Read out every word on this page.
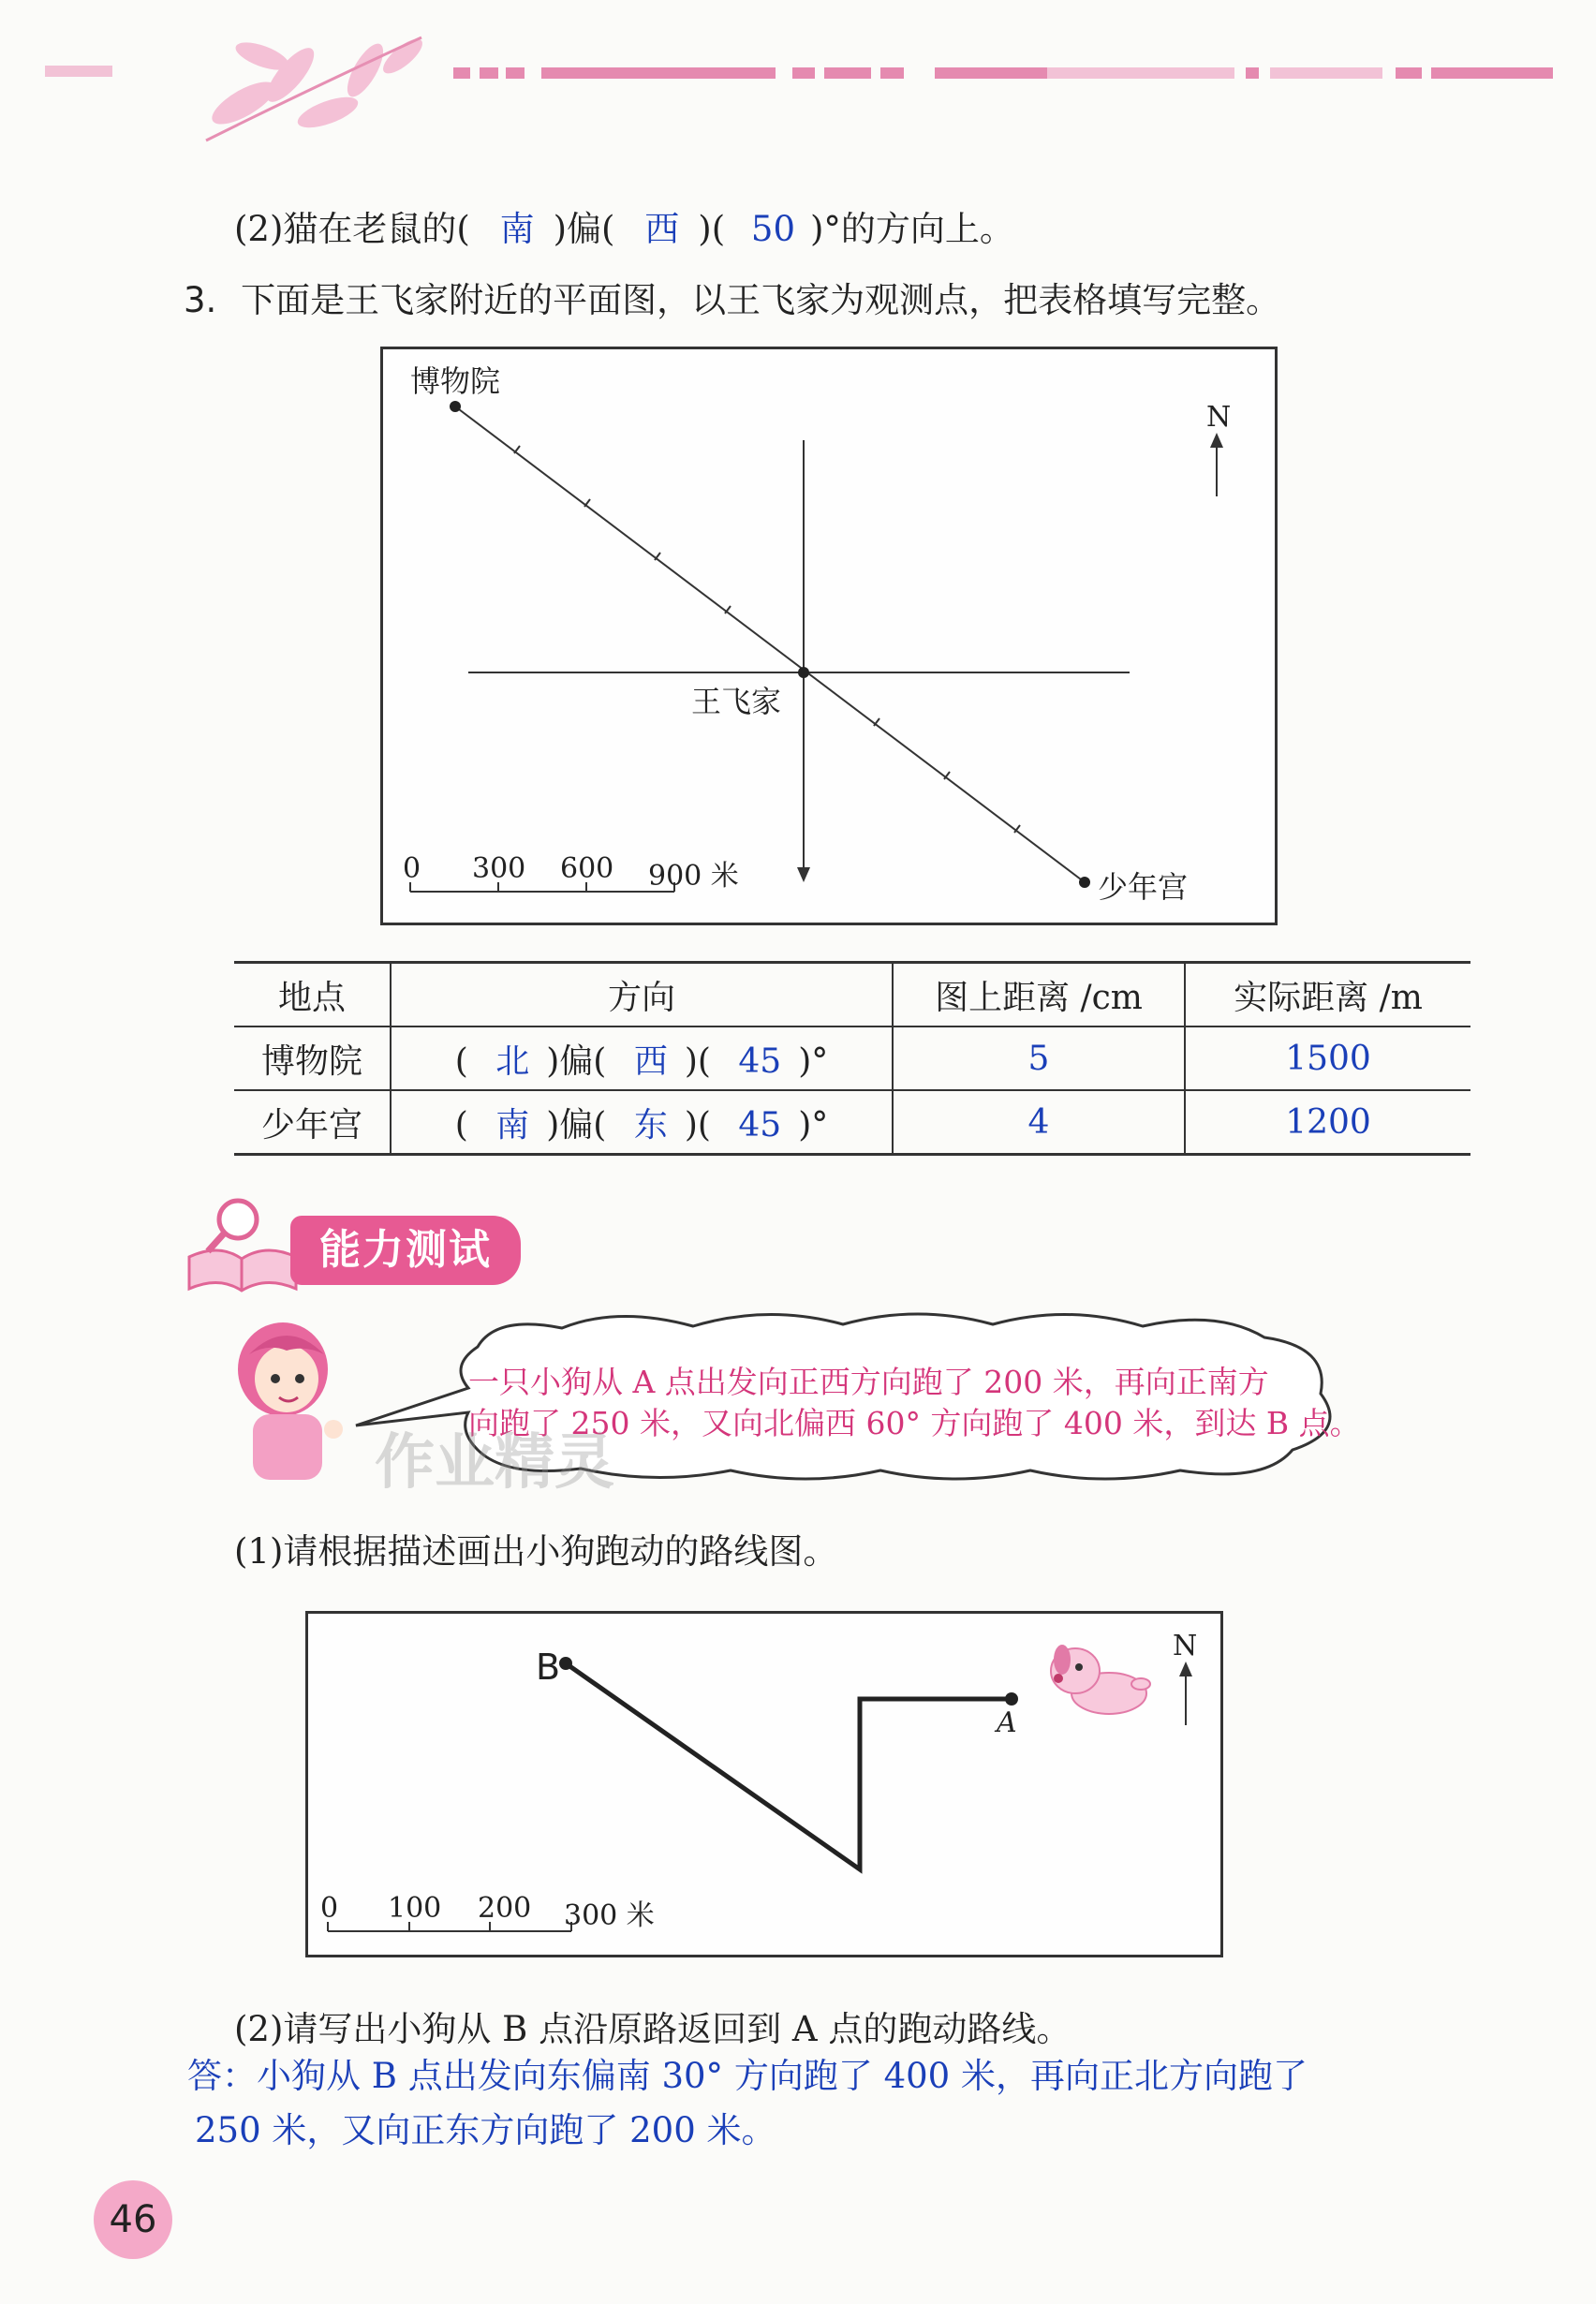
(2)猫在老鼠的( 南 )偏( 西 )( 50 )°的方向上。
3. 下面是王飞家附近的平面图，以王飞家为观测点，把表格填写完整。
博物院
王飞家
少年宫
N
0 300 600 900 米
地点	方向	图上距离 /cm	实际距离 /m
博物院	( 北 )偏( 西 )( 45 )°	5	1500
少年宫	( 南 )偏( 东 )( 45 )°	4	1200
能力测试
一只小狗从 A 点出发向正西方向跑了 200 米，再向正南方
向跑了 250 米，又向北偏西 60° 方向跑了 400 米，到达 B 点。
作业精灵
(1)请根据描述画出小狗跑动的路线图。
B
A
N
0 100 200 300 米
(2)请写出小狗从 B 点沿原路返回到 A 点的跑动路线。
答：小狗从 B 点出发向东偏南 30° 方向跑了 400 米，再向正北方向跑了
250 米，又向正东方向跑了 200 米。
46
